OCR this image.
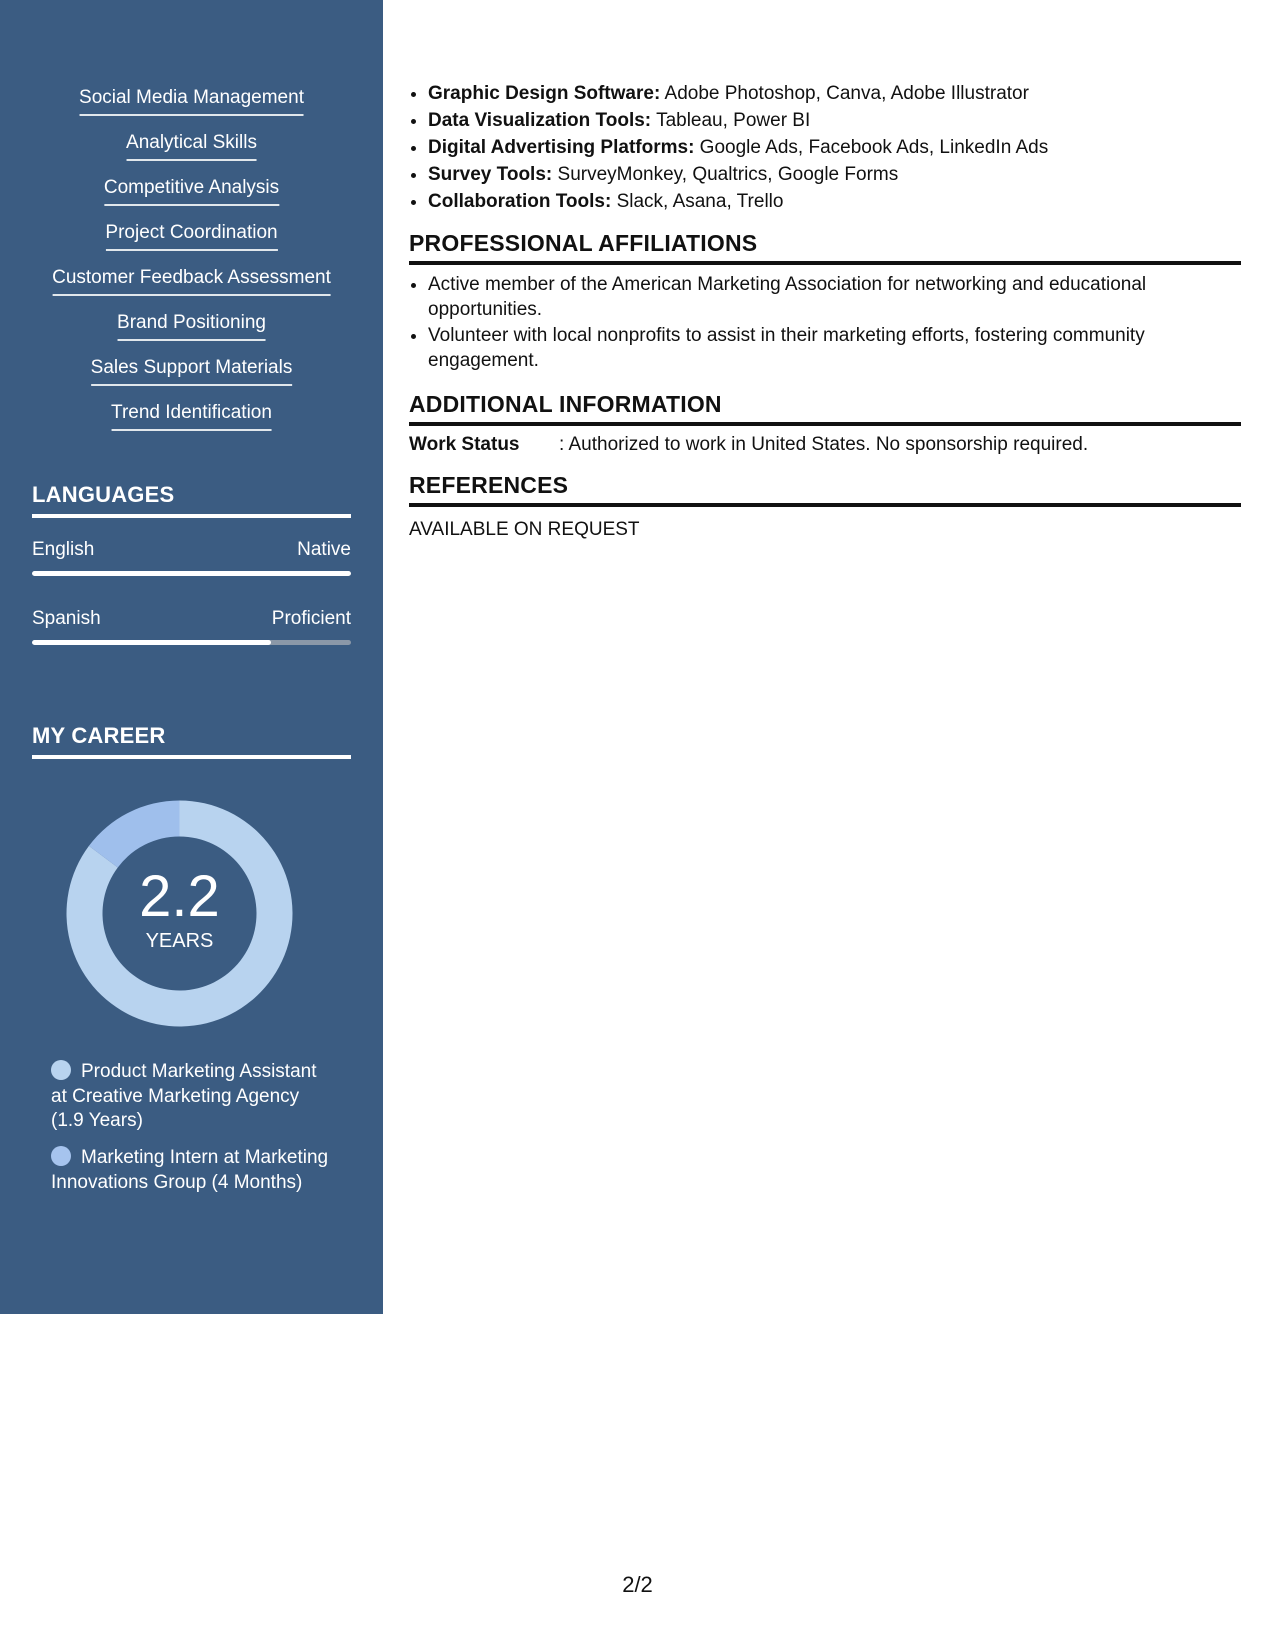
Social Media Management
Analytical Skills
Competitive Analysis
Project Coordination
Customer Feedback Assessment
Brand Positioning
Sales Support Materials
Trend Identification
LANGUAGES
English	Native
Spanish	Proficient
MY CAREER
2.2
YEARS
Product Marketing Assistant at Creative Marketing Agency (1.9 Years)
Marketing Intern at Marketing Innovations Group (4 Months)
• Graphic Design Software: Adobe Photoshop, Canva, Adobe Illustrator
• Data Visualization Tools: Tableau, Power BI
• Digital Advertising Platforms: Google Ads, Facebook Ads, LinkedIn Ads
• Survey Tools: SurveyMonkey, Qualtrics, Google Forms
• Collaboration Tools: Slack, Asana, Trello
PROFESSIONAL AFFILIATIONS
• Active member of the American Marketing Association for networking and educational opportunities.
• Volunteer with local nonprofits to assist in their marketing efforts, fostering community engagement.
ADDITIONAL INFORMATION
Work Status : Authorized to work in United States. No sponsorship required.
REFERENCES
AVAILABLE ON REQUEST
2/2
